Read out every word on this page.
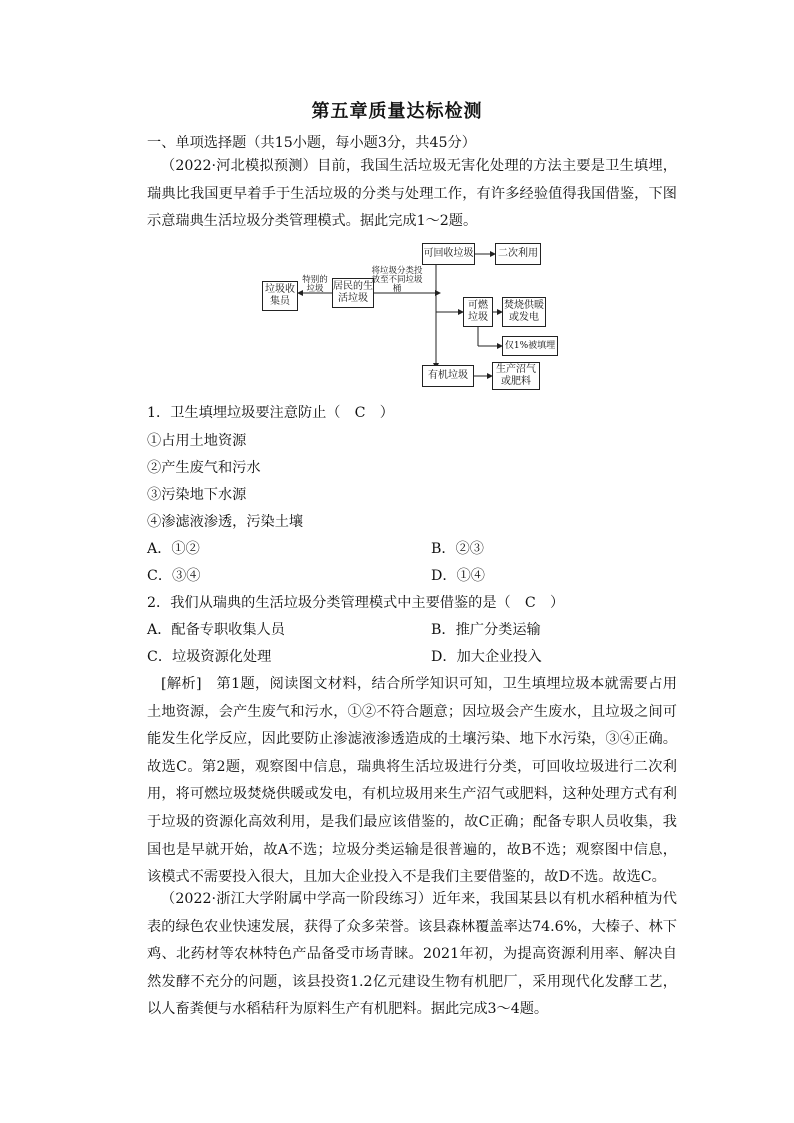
第五章质量达标检测
一、单项选择题（共15小题，每小题3分，共45分）
（2022·河北模拟预测）目前，我国生活垃圾无害化处理的方法主要是卫生填埋，瑞典比我国更早着手于生活垃圾的分类与处理工作，有许多经验值得我国借鉴，下图示意瑞典生活垃圾分类管理模式。据此完成1～2题。
垃圾收集员
居民的生活垃圾
可回收垃圾	二次利用
可燃垃圾
焚烧供暖或发电
仅1%被填埋
有机垃圾
生产沼气或肥料
特别的垃圾
将垃圾分类投放至不同垃圾桶
1．卫生填埋垃圾要注意防止（　C　）
①占用土地资源
②产生废气和污水
③污染地下水源
④渗滤液渗透，污染土壤
A．①②	B．②③
C．③④	D．①④
2．我们从瑞典的生活垃圾分类管理模式中主要借鉴的是（　C　）
A．配备专职收集人员	B．推广分类运输
C．垃圾资源化处理	D．加大企业投入
[解析]　第1题，阅读图文材料，结合所学知识可知，卫生填埋垃圾本就需要占用土地资源，会产生废气和污水，①②不符合题意；因垃圾会产生废水，且垃圾之间可能发生化学反应，因此要防止渗滤液渗透造成的土壤污染、地下水污染，③④正确。故选C。第2题，观察图中信息，瑞典将生活垃圾进行分类，可回收垃圾进行二次利用，将可燃垃圾焚烧供暖或发电，有机垃圾用来生产沼气或肥料，这种处理方式有利于垃圾的资源化高效利用，是我们最应该借鉴的，故C正确；配备专职人员收集，我国也是早就开始，故A不选；垃圾分类运输是很普遍的，故B不选；观察图中信息，该模式不需要投入很大，且加大企业投入不是我们主要借鉴的，故D不选。故选C。
（2022·浙江大学附属中学高一阶段练习）近年来，我国某县以有机水稻种植为代表的绿色农业快速发展，获得了众多荣誉。该县森林覆盖率达74.6%，大榛子、林下鸡、北药材等农林特色产品备受市场青睐。2021年初，为提高资源利用率、解决自然发酵不充分的问题，该县投资1.2亿元建设生物有机肥厂，采用现代化发酵工艺，以人畜粪便与水稻秸秆为原料生产有机肥料。据此完成3～4题。
